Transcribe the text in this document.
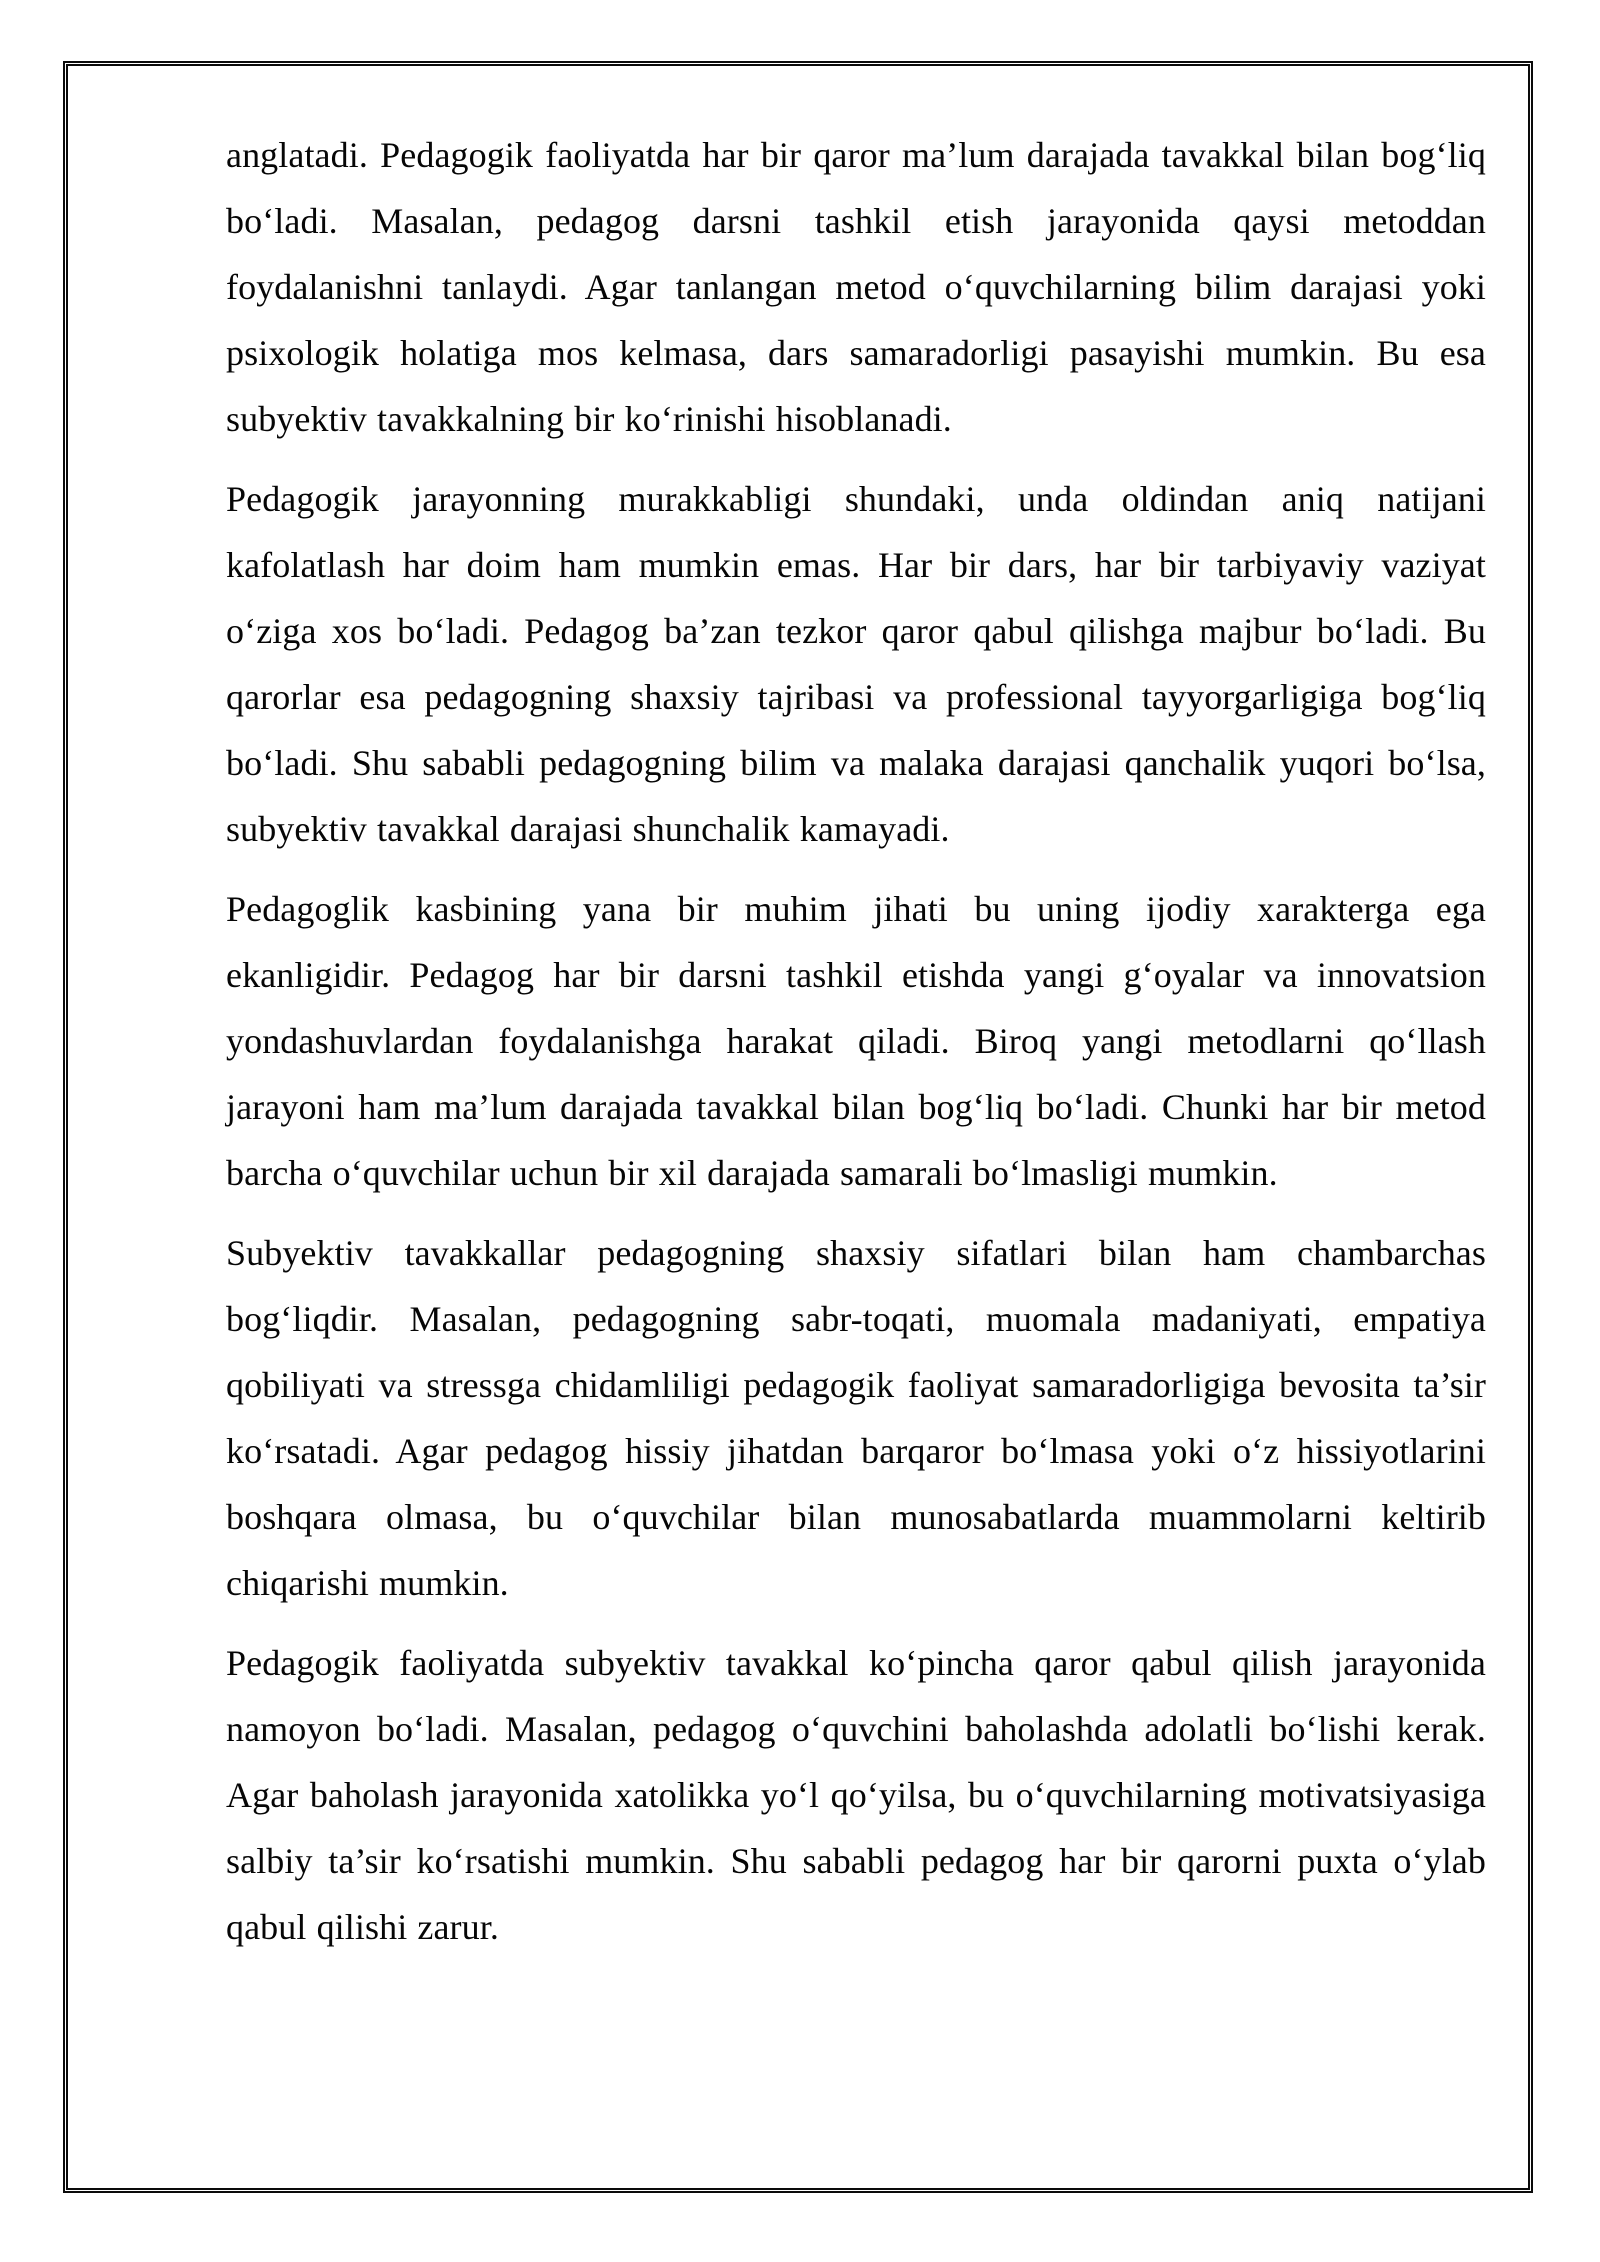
anglatadi. Pedagogik faoliyatda har bir qaror ma’lum darajada tavakkal bilan bog‘liq bo‘ladi. Masalan, pedagog darsni tashkil etish jarayonida qaysi metoddan foydalanishni tanlaydi. Agar tanlangan metod o‘quvchilarning bilim darajasi yoki psixologik holatiga mos kelmasa, dars samaradorligi pasayishi mumkin. Bu esa subyektiv tavakkalning bir ko‘rinishi hisoblanadi.

Pedagogik jarayonning murakkabligi shundaki, unda oldindan aniq natijani kafolatlash har doim ham mumkin emas. Har bir dars, har bir tarbiyaviy vaziyat o‘ziga xos bo‘ladi. Pedagog ba’zan tezkor qaror qabul qilishga majbur bo‘ladi. Bu qarorlar esa pedagogning shaxsiy tajribasi va professional tayyorgarligiga bog‘liq bo‘ladi. Shu sababli pedagogning bilim va malaka darajasi qanchalik yuqori bo‘lsa, subyektiv tavakkal darajasi shunchalik kamayadi.

Pedagoglik kasbining yana bir muhim jihati bu uning ijodiy xarakterga ega ekanligidir. Pedagog har bir darsni tashkil etishda yangi g‘oyalar va innovatsion yondashuvlardan foydalanishga harakat qiladi. Biroq yangi metodlarni qo‘llash jarayoni ham ma’lum darajada tavakkal bilan bog‘liq bo‘ladi. Chunki har bir metod barcha o‘quvchilar uchun bir xil darajada samarali bo‘lmasligi mumkin.

Subyektiv tavakkallar pedagogning shaxsiy sifatlari bilan ham chambarchas bog‘liqdir. Masalan, pedagogning sabr-toqati, muomala madaniyati, empatiya qobiliyati va stressga chidamliligi pedagogik faoliyat samaradorligiga bevosita ta’sir ko‘rsatadi. Agar pedagog hissiy jihatdan barqaror bo‘lmasa yoki o‘z hissiyotlarini boshqara olmasa, bu o‘quvchilar bilan munosabatlarda muammolarni keltirib chiqarishi mumkin.

Pedagogik faoliyatda subyektiv tavakkal ko‘pincha qaror qabul qilish jarayonida namoyon bo‘ladi. Masalan, pedagog o‘quvchini baholashda adolatli bo‘lishi kerak. Agar baholash jarayonida xatolikka yo‘l qo‘yilsa, bu o‘quvchilarning motivatsiyasiga salbiy ta’sir ko‘rsatishi mumkin. Shu sababli pedagog har bir qarorni puxta o‘ylab qabul qilishi zarur.
